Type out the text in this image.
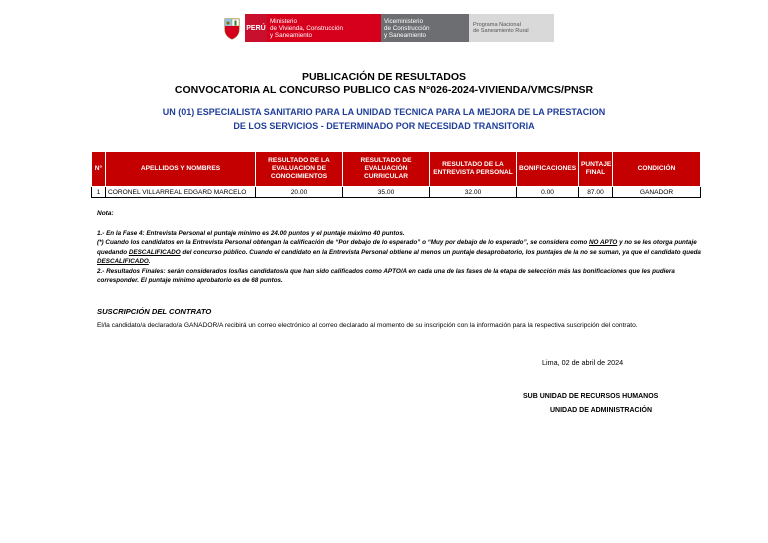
PERÚ
Ministerio
de Vivienda, Construcción
y Saneamiento
Viceministerio
de Construcción
y Saneamiento
Programa Nacional
de Saneamiento Rural
PUBLICACIÓN DE RESULTADOS
CONVOCATORIA AL CONCURSO PUBLICO CAS N°026-2024-VIVIENDA/VMCS/PNSR
UN (01) ESPECIALISTA SANITARIO PARA LA UNIDAD TECNICA PARA LA MEJORA DE LA PRESTACION
DE LOS SERVICIOS - DETERMINADO POR NECESIDAD TRANSITORIA
N°	APELLIDOS Y NOMBRES	RESULTADO DE LA EVALUACION DE CONOCIMIENTOS	RESULTADO DE EVALUACIÓN CURRICULAR	RESULTADO DE LA ENTREVISTA PERSONAL	BONIFICACIONES	PUNTAJE FINAL	CONDICIÓN
1	CORONEL VILLARREAL EDGARD MARCELO	20.00	35.00	32.00	0.00	87.00	GANADOR
Nota:

1.- En la Fase 4: Entrevista Personal el puntaje mínimo es 24.00 puntos y el puntaje máximo 40 puntos.

(*) Cuando los candidatos en la Entrevista Personal obtengan la calificación de “Por debajo de lo esperado” o “Muy por debajo de lo esperado”, se considera como NO APTO y no se les otorga puntaje quedando DESCALIFICADO del concurso público. Cuando el candidato en la Entrevista Personal obtiene al menos un puntaje desaprobatorio, los puntajes de la no se suman, ya que el candidato queda DESCALIFICADO.

2.- Resultados Finales: serán considerados los/las candidatos/a que han sido calificados como APTO/A en cada una de las fases de la etapa de selección más las bonificaciones que les pudiera corresponder. El puntaje mínimo aprobatorio es de 68 puntos.

SUSCRIPCIÓN DEL CONTRATO
El/la candidato/a declarado/a GANADOR/A recibirá un correo electrónico al correo declarado al momento de su inscripción con la información para la respectiva suscripción del contrato.
Lima, 02 de abril de 2024
SUB UNIDAD DE RECURSOS HUMANOS
UNIDAD DE ADMINISTRACIÓN
